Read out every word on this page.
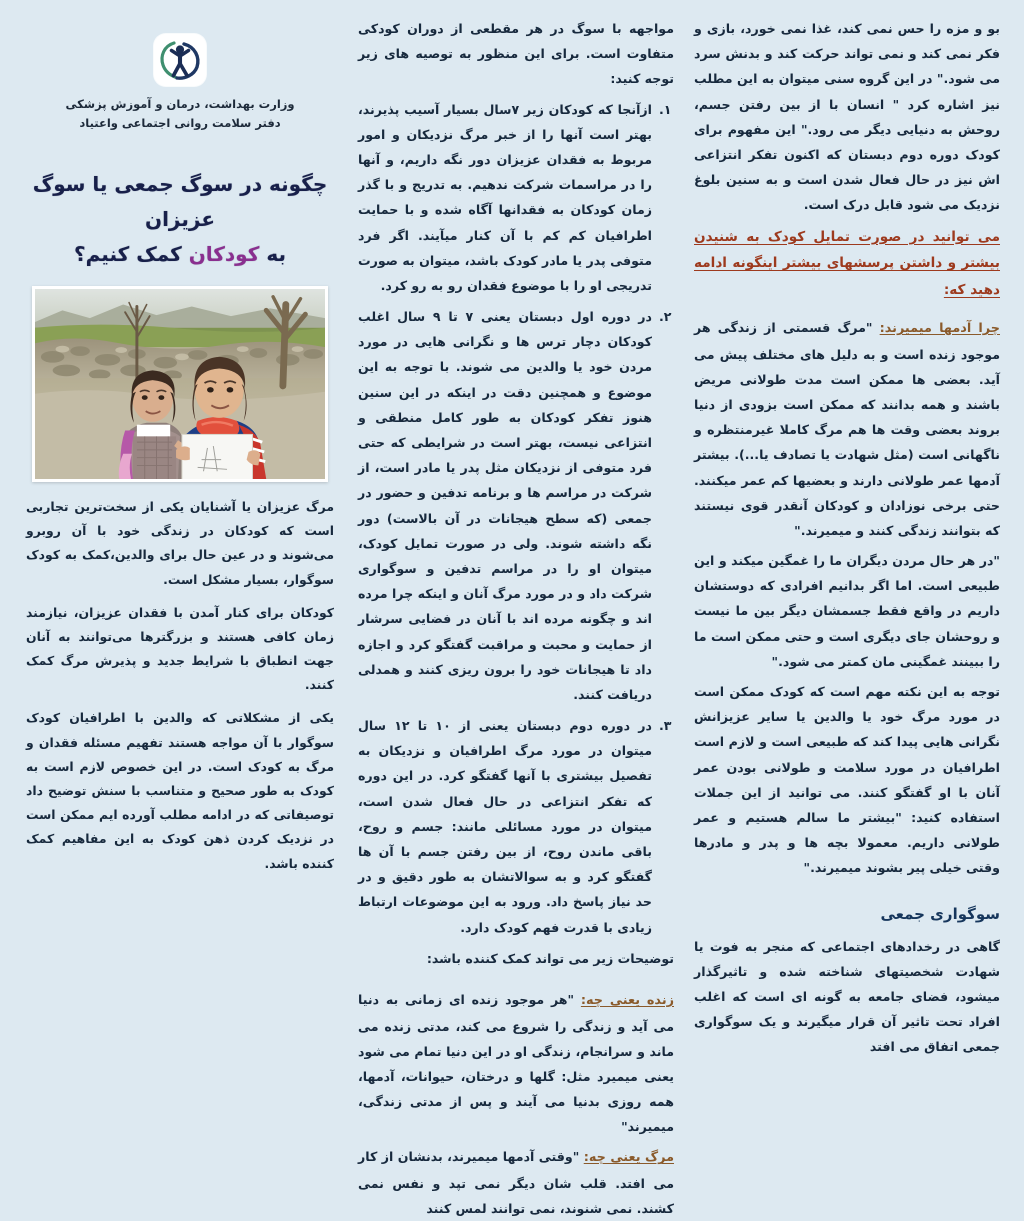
وزارت بهداشت، درمان و آموزش پزشکی
دفتر سلامت روانی اجتماعی واعتیاد
چگونه در سوگ جمعی یا سوگ عزیزان
به کودکان کمک کنیم؟

مرگ عزیزان یا آشنایان یکی از سخت‌ترین تجاربی است که کودکان در زندگی خود با آن روبرو می‌شوند و در عین حال برای والدین،کمک به کودک سوگوار، بسیار مشکل است.

کودکان برای کنار آمدن با فقدان عزیزان، نیازمند زمان کافی هستند و بزرگترها می‌توانند به آنان جهت انطباق با شرایط جدید و پذیرش مرگ کمک کنند.

یکی از مشکلاتی که والدین با اطرافیان کودک سوگوار با آن مواجه هستند تفهیم مسئله فقدان و مرگ به کودک است. در این خصوص لازم است به کودک به طور صحیح و متناسب با سنش توضیح داد توصیفاتی که در ادامه مطلب آورده ایم ممکن است در نزدیک کردن ذهن کودک به این مفاهیم کمک کننده باشد.

مواجهه با سوگ در هر مقطعی از دوران کودکی متفاوت است. برای این منظور به توصیه های زیر توجه کنید:

۱.
ازآنجا که کودکان زیر ۷سال بسیار آسیب پذیرند، بهتر است آنها را از خبر مرگ نزدیکان و امور مربوط به فقدان عزیزان دور نگه داریم، و آنها را در مراسمات شرکت ندهیم. به تدریج و با گذر زمان کودکان به فقدانها آگاه شده و با حمایت اطرافیان کم کم با آن کنار میآیند. اگر فرد متوفی پدر یا مادر کودک باشد، میتوان به صورت تدریجی او را با موضوع فقدان رو به رو کرد.
۲.
در دوره اول دبستان یعنی ۷ تا ۹ سال اغلب کودکان دچار ترس ها و نگرانی هایی در مورد مردن خود یا والدین می شوند. با توجه به این موضوع و همچنین دقت در اینکه در این سنین هنوز تفکر کودکان به طور کامل منطقی و انتزاعی نیست، بهتر است در شرایطی که حتی فرد متوفی از نزدیکان مثل پدر یا مادر است، از شرکت در مراسم ها و برنامه تدفین و حضور در جمعی (که سطح هیجانات در آن بالاست) دور نگه داشته شوند. ولی در صورت تمایل کودک، میتوان او را در مراسم تدفین و سوگواری شرکت داد و در مورد مرگ آنان و اینکه چرا مرده اند و چگونه مرده اند با آنان در فضایی سرشار از حمایت و محبت و مراقبت گفتگو کرد و اجازه داد تا هیجانات خود را برون ریزی کنند و همدلی دریافت کنند.
۳.
در دوره دوم دبستان یعنی از ۱۰ تا ۱۲ سال میتوان در مورد مرگ اطرافیان و نزدیکان به تفصیل بیشتری با آنها گفتگو کرد. در این دوره که تفکر انتزاعی در حال فعال شدن است، میتوان در مورد مسائلی مانند: جسم و روح، باقی ماندن روح، از بین رفتن جسم با آن ها گفتگو کرد و به سوالاتشان به طور دقیق و در حد نیاز پاسخ داد. ورود به این موضوعات ارتباط زیادی با قدرت فهم کودک دارد.

توضیحات زیر می تواند کمک کننده باشد:

زنده یعنی چه: "هر موجود زنده ای زمانی به دنیا می آید و زندگی را شروع می کند، مدتی زنده می ماند و سرانجام، زندگی او در این دنیا تمام می شود یعنی میمیرد مثل: گلها و درختان، حیوانات، آدمها، همه روزی بدنیا می آیند و پس از مدتی زندگی، میمیرند"

مرگ یعنی چه: "وقتی آدمها میمیرند، بدنشان از کار می افتد. قلب شان دیگر نمی تپد و نفس نمی کشند. نمی شنوند، نمی توانند لمس کنند

بو و مزه را حس نمی کند، غذا نمی خورد، بازی و فکر نمی کند و نمی تواند حرکت کند و بدنش سرد می شود." در این گروه سنی میتوان به این مطلب نیز اشاره کرد " انسان با از بین رفتن جسم، روحش به دنیایی دیگر می رود." این مفهوم برای کودک دوره دوم دبستان که اکنون تفکر انتزاعی اش نیز در حال فعال شدن است و به سنین بلوغ نزدیک می شود قابل درک است.

می توانید در صورت تمایل کودک به شنیدن بیشتر و داشتن پرسشهای بیشتر اینگونه ادامه دهید که:

چرا آدمها میمیرند: "مرگ قسمتی از زندگی هر موجود زنده است و به دلیل های مختلف پیش می آید. بعضی ها ممکن است مدت طولانی مریض باشند و همه بدانند که ممکن است بزودی از دنیا بروند بعضی وقت ها هم مرگ کاملا غیرمنتظره و ناگهانی است (مثل شهادت یا تصادف یا...). بیشتر آدمها عمر طولانی دارند و بعضیها کم عمر میکنند. حتی برخی نوزادان و کودکان آنقدر قوی نیستند که بتوانند زندگی کنند و میمیرند."

"در هر حال مردن دیگران ما را غمگین میکند و این طبیعی است. اما اگر بدانیم افرادی که دوستشان داریم در واقع فقط جسمشان دیگر بین ما نیست و روحشان جای دیگری است و حتی ممکن است ما را ببینند غمگینی مان کمتر می شود."

توجه به این نکته مهم است که کودک ممکن است در مورد مرگ خود یا والدین یا سایر عزیزانش نگرانی هایی پیدا کند که طبیعی است و لازم است اطرافیان در مورد سلامت و طولانی بودن عمر آنان با او گفتگو کنند. می توانید از این جملات استفاده کنید: "بیشتر ما سالم هستیم و عمر طولانی داریم. معمولا بچه ها و پدر و مادرها وقتی خیلی پیر بشوند میمیرند."

سوگواری جمعی

گاهی در رخدادهای اجتماعی که منجر به فوت یا شهادت شخصیتهای شناخته شده و تاثیرگذار میشود، فضای جامعه به گونه ای است که اغلب افراد تحت تاثیر آن قرار میگیرند و یک سوگواری جمعی اتفاق می افتد
